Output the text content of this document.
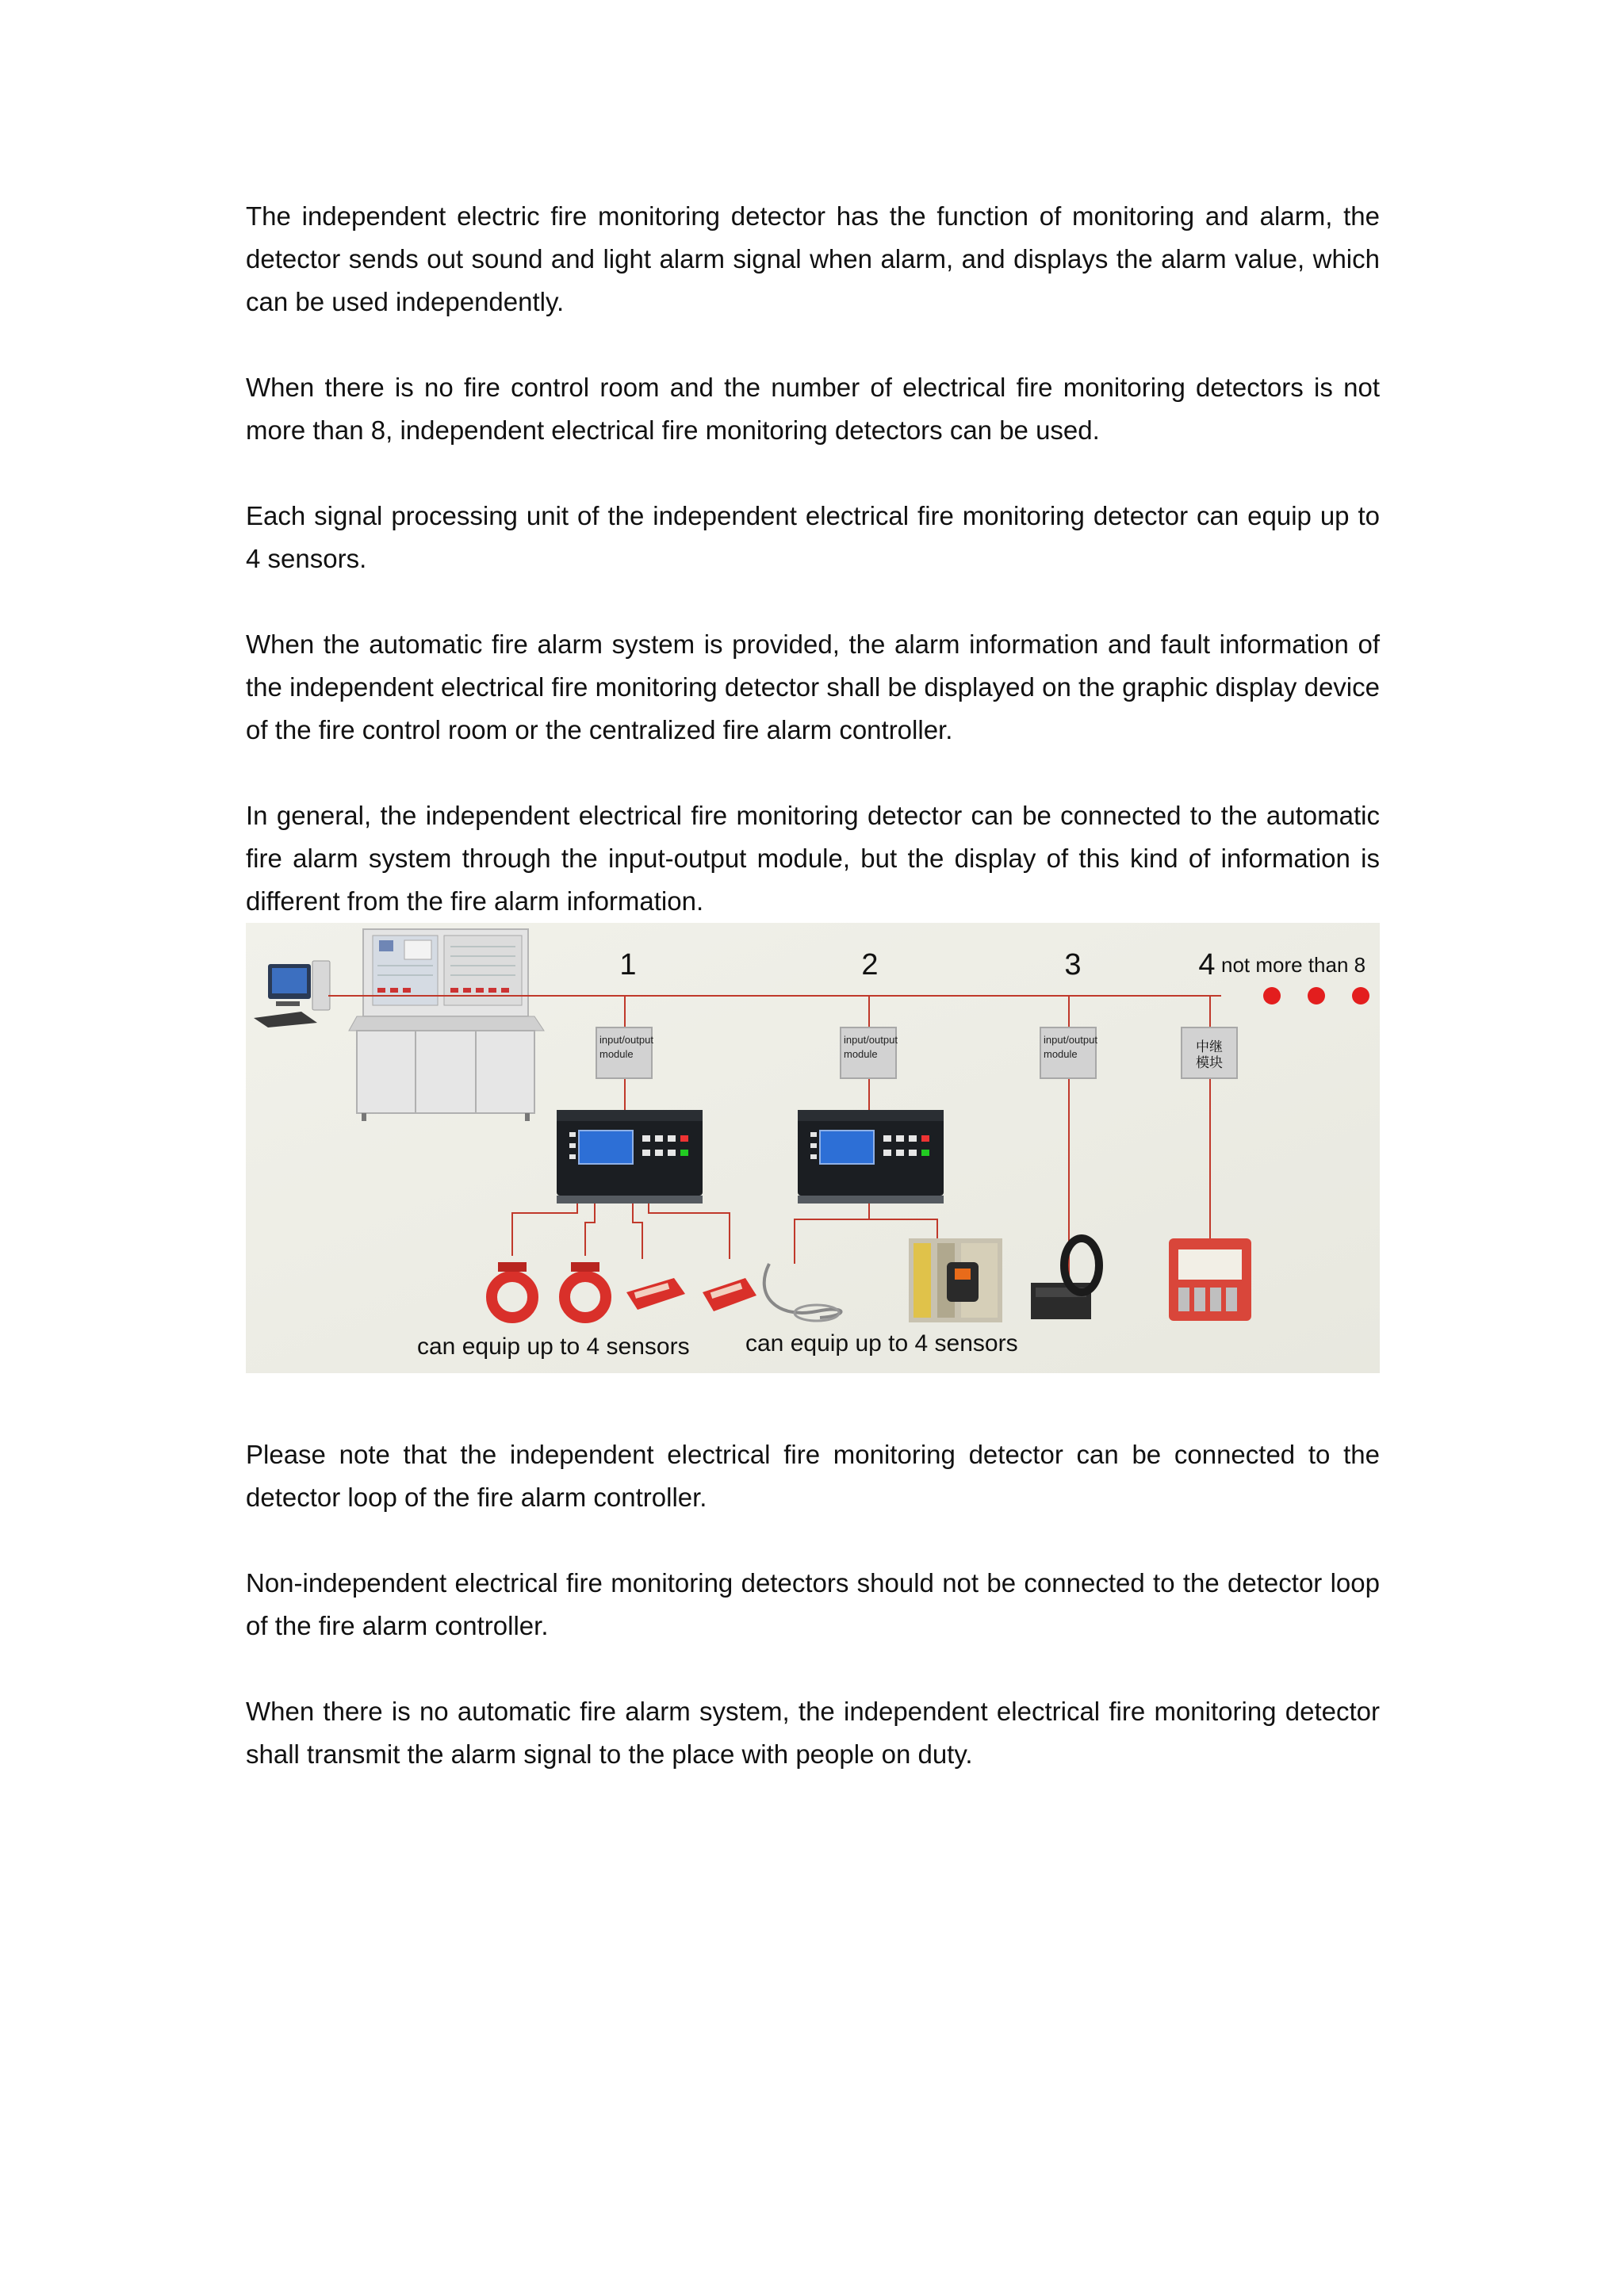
The independent electric fire monitoring detector has the function of monitoring and alarm, the detector sends out sound and light alarm signal when alarm, and displays the alarm value, which can be used independently.

When there is no fire control room and the number of electrical fire monitoring detectors is not more than 8, independent electrical fire monitoring detectors can be used.

Each signal processing unit of the independent electrical fire monitoring detector can equip up to 4 sensors.

When the automatic fire alarm system is provided, the alarm information and fault information of the independent electrical fire monitoring detector shall be displayed on the graphic display device of the fire control room or the centralized fire alarm controller.

In general, the independent electrical fire monitoring detector can be connected to the automatic fire alarm system through the input-output module, but the display of this kind of information is different from the fire alarm information.

1	2	3	4 not more than 8
input/output
module
input/output
module
input/output
module	中继
模块
can equip up to 4 sensors can equip up to 4 sensors

Please note that the independent electrical fire monitoring detector can be connected to the detector loop of the fire alarm controller.

Non-independent electrical fire monitoring detectors should not be connected to the detector loop of the fire alarm controller.

When there is no automatic fire alarm system, the independent electrical fire monitoring detector shall transmit the alarm signal to the place with people on duty.
